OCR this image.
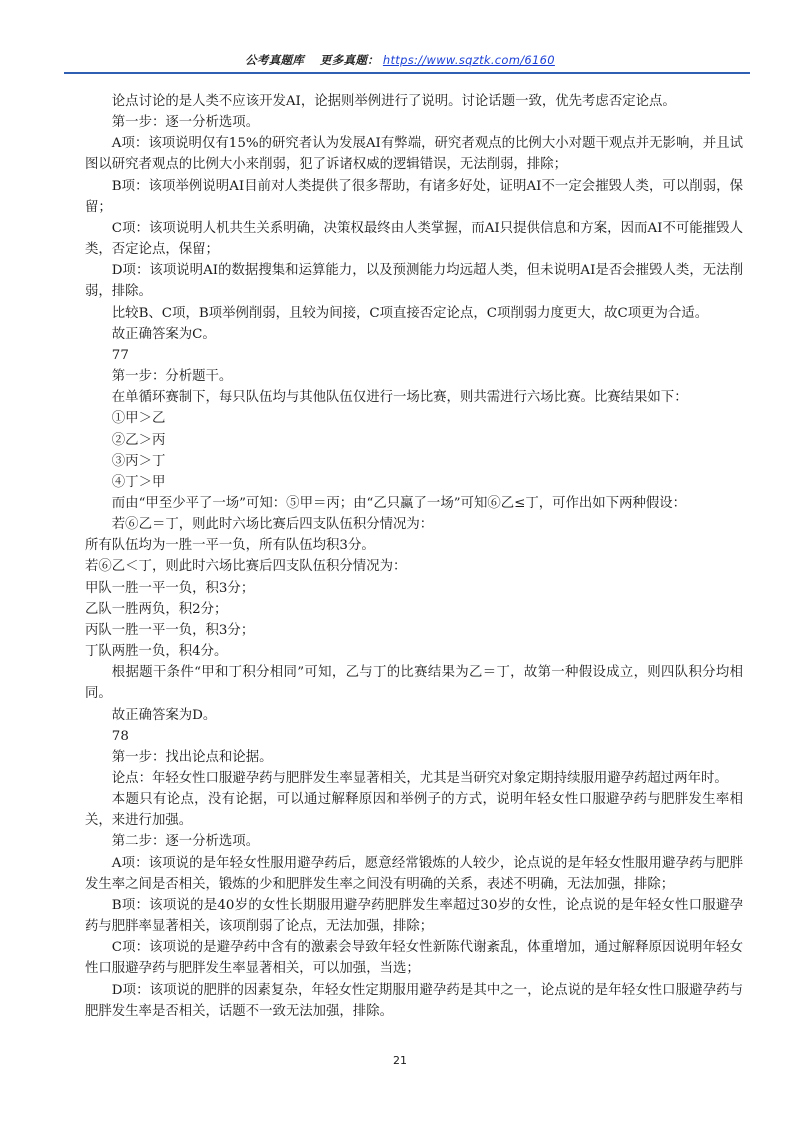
公考真题库 更多真题： https://www.sqztk.com/6160

论点讨论的是人类不应该开发AI，论据则举例进行了说明。讨论话题一致，优先考虑否定论点。

第一步：逐一分析选项。

A项：该项说明仅有15%的研究者认为发展AI有弊端，研究者观点的比例大小对题干观点并无影响，并且试图以研究者观点的比例大小来削弱，犯了诉诸权威的逻辑错误，无法削弱，排除；

B项：该项举例说明AI目前对人类提供了很多帮助，有诸多好处，证明AI不一定会摧毁人类，可以削弱，保留；

C项：该项说明人机共生关系明确，决策权最终由人类掌握，而AI只提供信息和方案，因而AI不可能摧毁人类，否定论点，保留；

D项：该项说明AI的数据搜集和运算能力，以及预测能力均远超人类，但未说明AI是否会摧毁人类，无法削弱，排除。

比较B、C项，B项举例削弱，且较为间接，C项直接否定论点，C项削弱力度更大，故C项更为合适。

故正确答案为C。

77

第一步：分析题干。

在单循环赛制下，每只队伍均与其他队伍仅进行一场比赛，则共需进行六场比赛。比赛结果如下：

①甲＞乙

②乙＞丙

③丙＞丁

④丁＞甲

而由“甲至少平了一场”可知：⑤甲＝丙；由“乙只赢了一场”可知⑥乙≤丁，可作出如下两种假设：

若⑥乙＝丁，则此时六场比赛后四支队伍积分情况为：

所有队伍均为一胜一平一负，所有队伍均积3分。

若⑥乙＜丁，则此时六场比赛后四支队伍积分情况为：

甲队一胜一平一负，积3分；

乙队一胜两负，积2分；

丙队一胜一平一负，积3分；

丁队两胜一负，积4分。

根据题干条件“甲和丁积分相同”可知，乙与丁的比赛结果为乙＝丁，故第一种假设成立，则四队积分均相同。

故正确答案为D。

78

第一步：找出论点和论据。

论点：年轻女性口服避孕药与肥胖发生率显著相关，尤其是当研究对象定期持续服用避孕药超过两年时。

本题只有论点，没有论据，可以通过解释原因和举例子的方式，说明年轻女性口服避孕药与肥胖发生率相关，来进行加强。

第二步：逐一分析选项。

A项：该项说的是年轻女性服用避孕药后，愿意经常锻炼的人较少，论点说的是年轻女性服用避孕药与肥胖发生率之间是否相关，锻炼的少和肥胖发生率之间没有明确的关系，表述不明确，无法加强，排除；

B项：该项说的是40岁的女性长期服用避孕药肥胖发生率超过30岁的女性，论点说的是年轻女性口服避孕药与肥胖率显著相关，该项削弱了论点，无法加强，排除；

C项：该项说的是避孕药中含有的激素会导致年轻女性新陈代谢紊乱，体重增加，通过解释原因说明年轻女性口服避孕药与肥胖发生率显著相关，可以加强，当选；

D项：该项说的肥胖的因素复杂，年轻女性定期服用避孕药是其中之一，论点说的是年轻女性口服避孕药与肥胖发生率是否相关，话题不一致无法加强，排除。

21
